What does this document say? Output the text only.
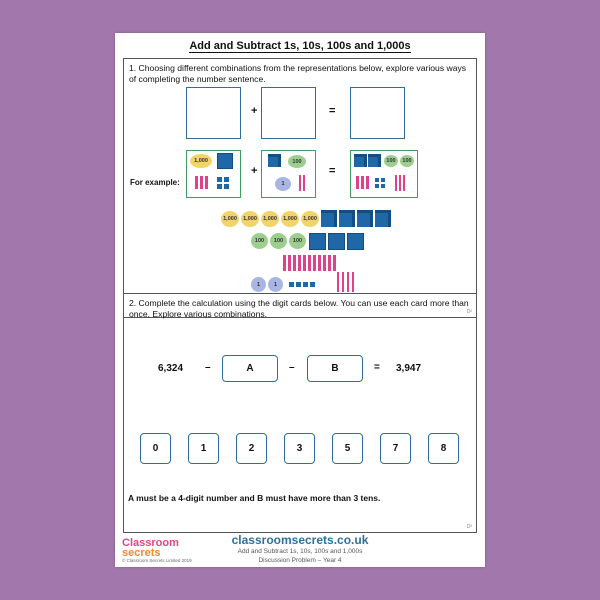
Add and Subtract 1s, 10s, 100s and 1,000s
1. Choosing different combinations from the representations below, explore various ways of completing the number sentence.
+	=
For example:
1,000
+
100
1
=
100	100
1,000	1,000	1,000	1,000	1,000
100	100	100
1	1
D²
2. Complete the calculation using the digit cards below. You can use each card more than once. Explore various combinations.
D²
6,324 –	A	–	B	= 3,947
0	1	2	3	5	7	8
A must be a 4-digit number and B must have more than 3 tens.
Classroom
secrets
© Classroom Secrets Limited 2019
classroomsecrets.co.uk
Add and Subtract 1s, 10s, 100s and 1,000s
Discussion Problem – Year 4
